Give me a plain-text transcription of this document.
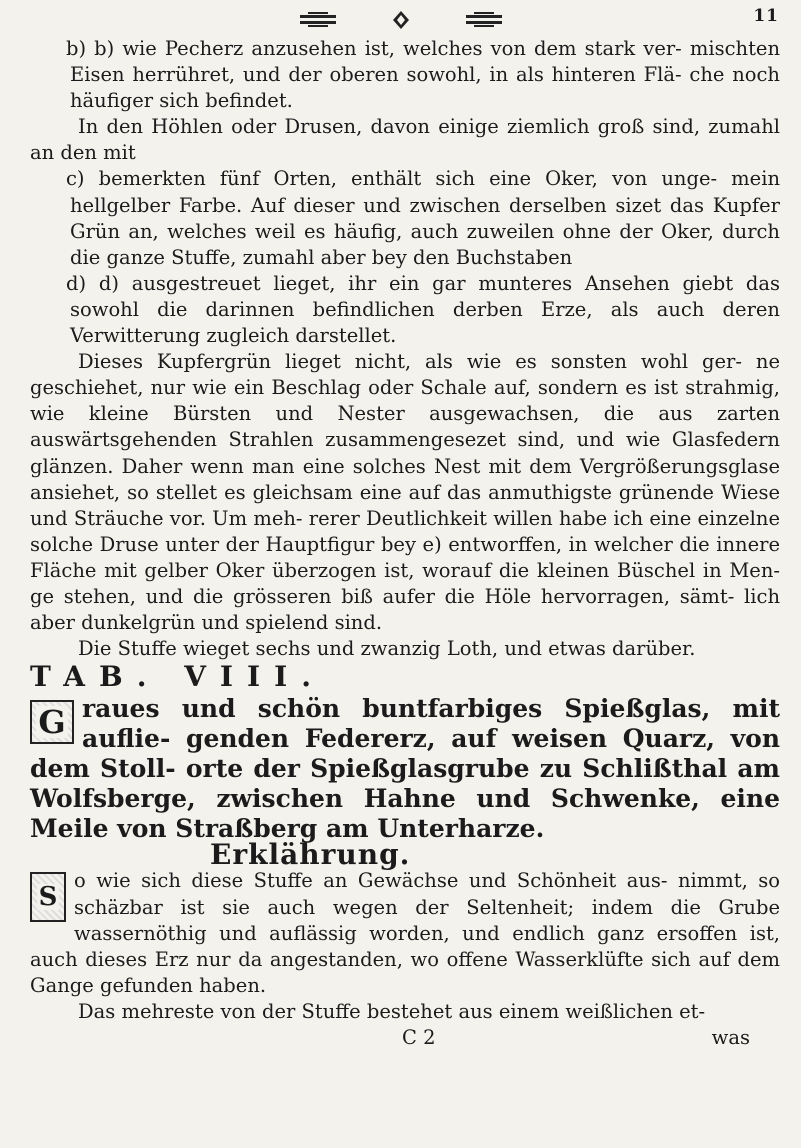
11

b) b) wie Pecherz anzusehen ist, welches von dem stark ver‑ mischten Eisen herrühret, und der oberen sowohl, in als hinteren Flä‑ che noch häufiger sich befindet.

In den Höhlen oder Drusen, davon einige ziemlich groß sind, zumahl an den mit

c) bemerkten fünf Orten, enthält sich eine Oker, von unge‑ mein hellgelber Farbe. Auf dieser und zwischen derselben sizet das Kupfer Grün an, welches weil es häufig, auch zuweilen ohne der Oker, durch die ganze Stuffe, zumahl aber bey den Buchstaben

d) d) ausgestreuet lieget, ihr ein gar munteres Ansehen giebt das sowohl die darinnen befindlichen derben Erze, als auch deren Verwitterung zugleich darstellet.

Dieses Kupfergrün lieget nicht, als wie es sonsten wohl ger‑ ne geschiehet, nur wie ein Beschlag oder Schale auf, sondern es ist strahmig, wie kleine Bürsten und Nester ausgewachsen, die aus zarten auswärtsgehenden Strahlen zusammengesezet sind, und wie Glasfedern glänzen. Daher wenn man eine solches Nest mit dem Vergrößerungsglase ansiehet, so stellet es gleichsam eine auf das anmuthigste grünende Wiese und Sträuche vor. Um meh‑ rerer Deutlichkeit willen habe ich eine einzelne solche Druse unter der Hauptfigur bey e) entworffen, in welcher die innere Fläche mit gelber Oker überzogen ist, worauf die kleinen Büschel in Men‑ ge stehen, und die grösseren biß aufer die Höle hervorragen, sämt‑ lich aber dunkelgrün und spielend sind.

Die Stuffe wieget sechs und zwanzig Loth, und etwas darüber.

TAB. VIII.

G raues und schön buntfarbiges Spießglas, mit auflie‑ genden Federerz, auf weisen Quarz, von dem Stoll‑ orte der Spießglasgrube zu Schlißthal am Wolfsberge, zwischen Hahne und Schwenke, eine Meile von Straßberg am Unterharze.

Erklährung.

S
o wie sich diese Stuffe an Gewächse und Schönheit aus‑ nimmt, so schäzbar ist sie auch wegen der Seltenheit; indem die Grube wassernöthig und auflässig worden, und endlich ganz ersoffen ist, auch dieses Erz nur da angestanden, wo offene Wasserklüfte sich auf dem Gange gefunden haben.

Das mehreste von der Stuffe bestehet aus einem weißlichen et‑

C 2	was
